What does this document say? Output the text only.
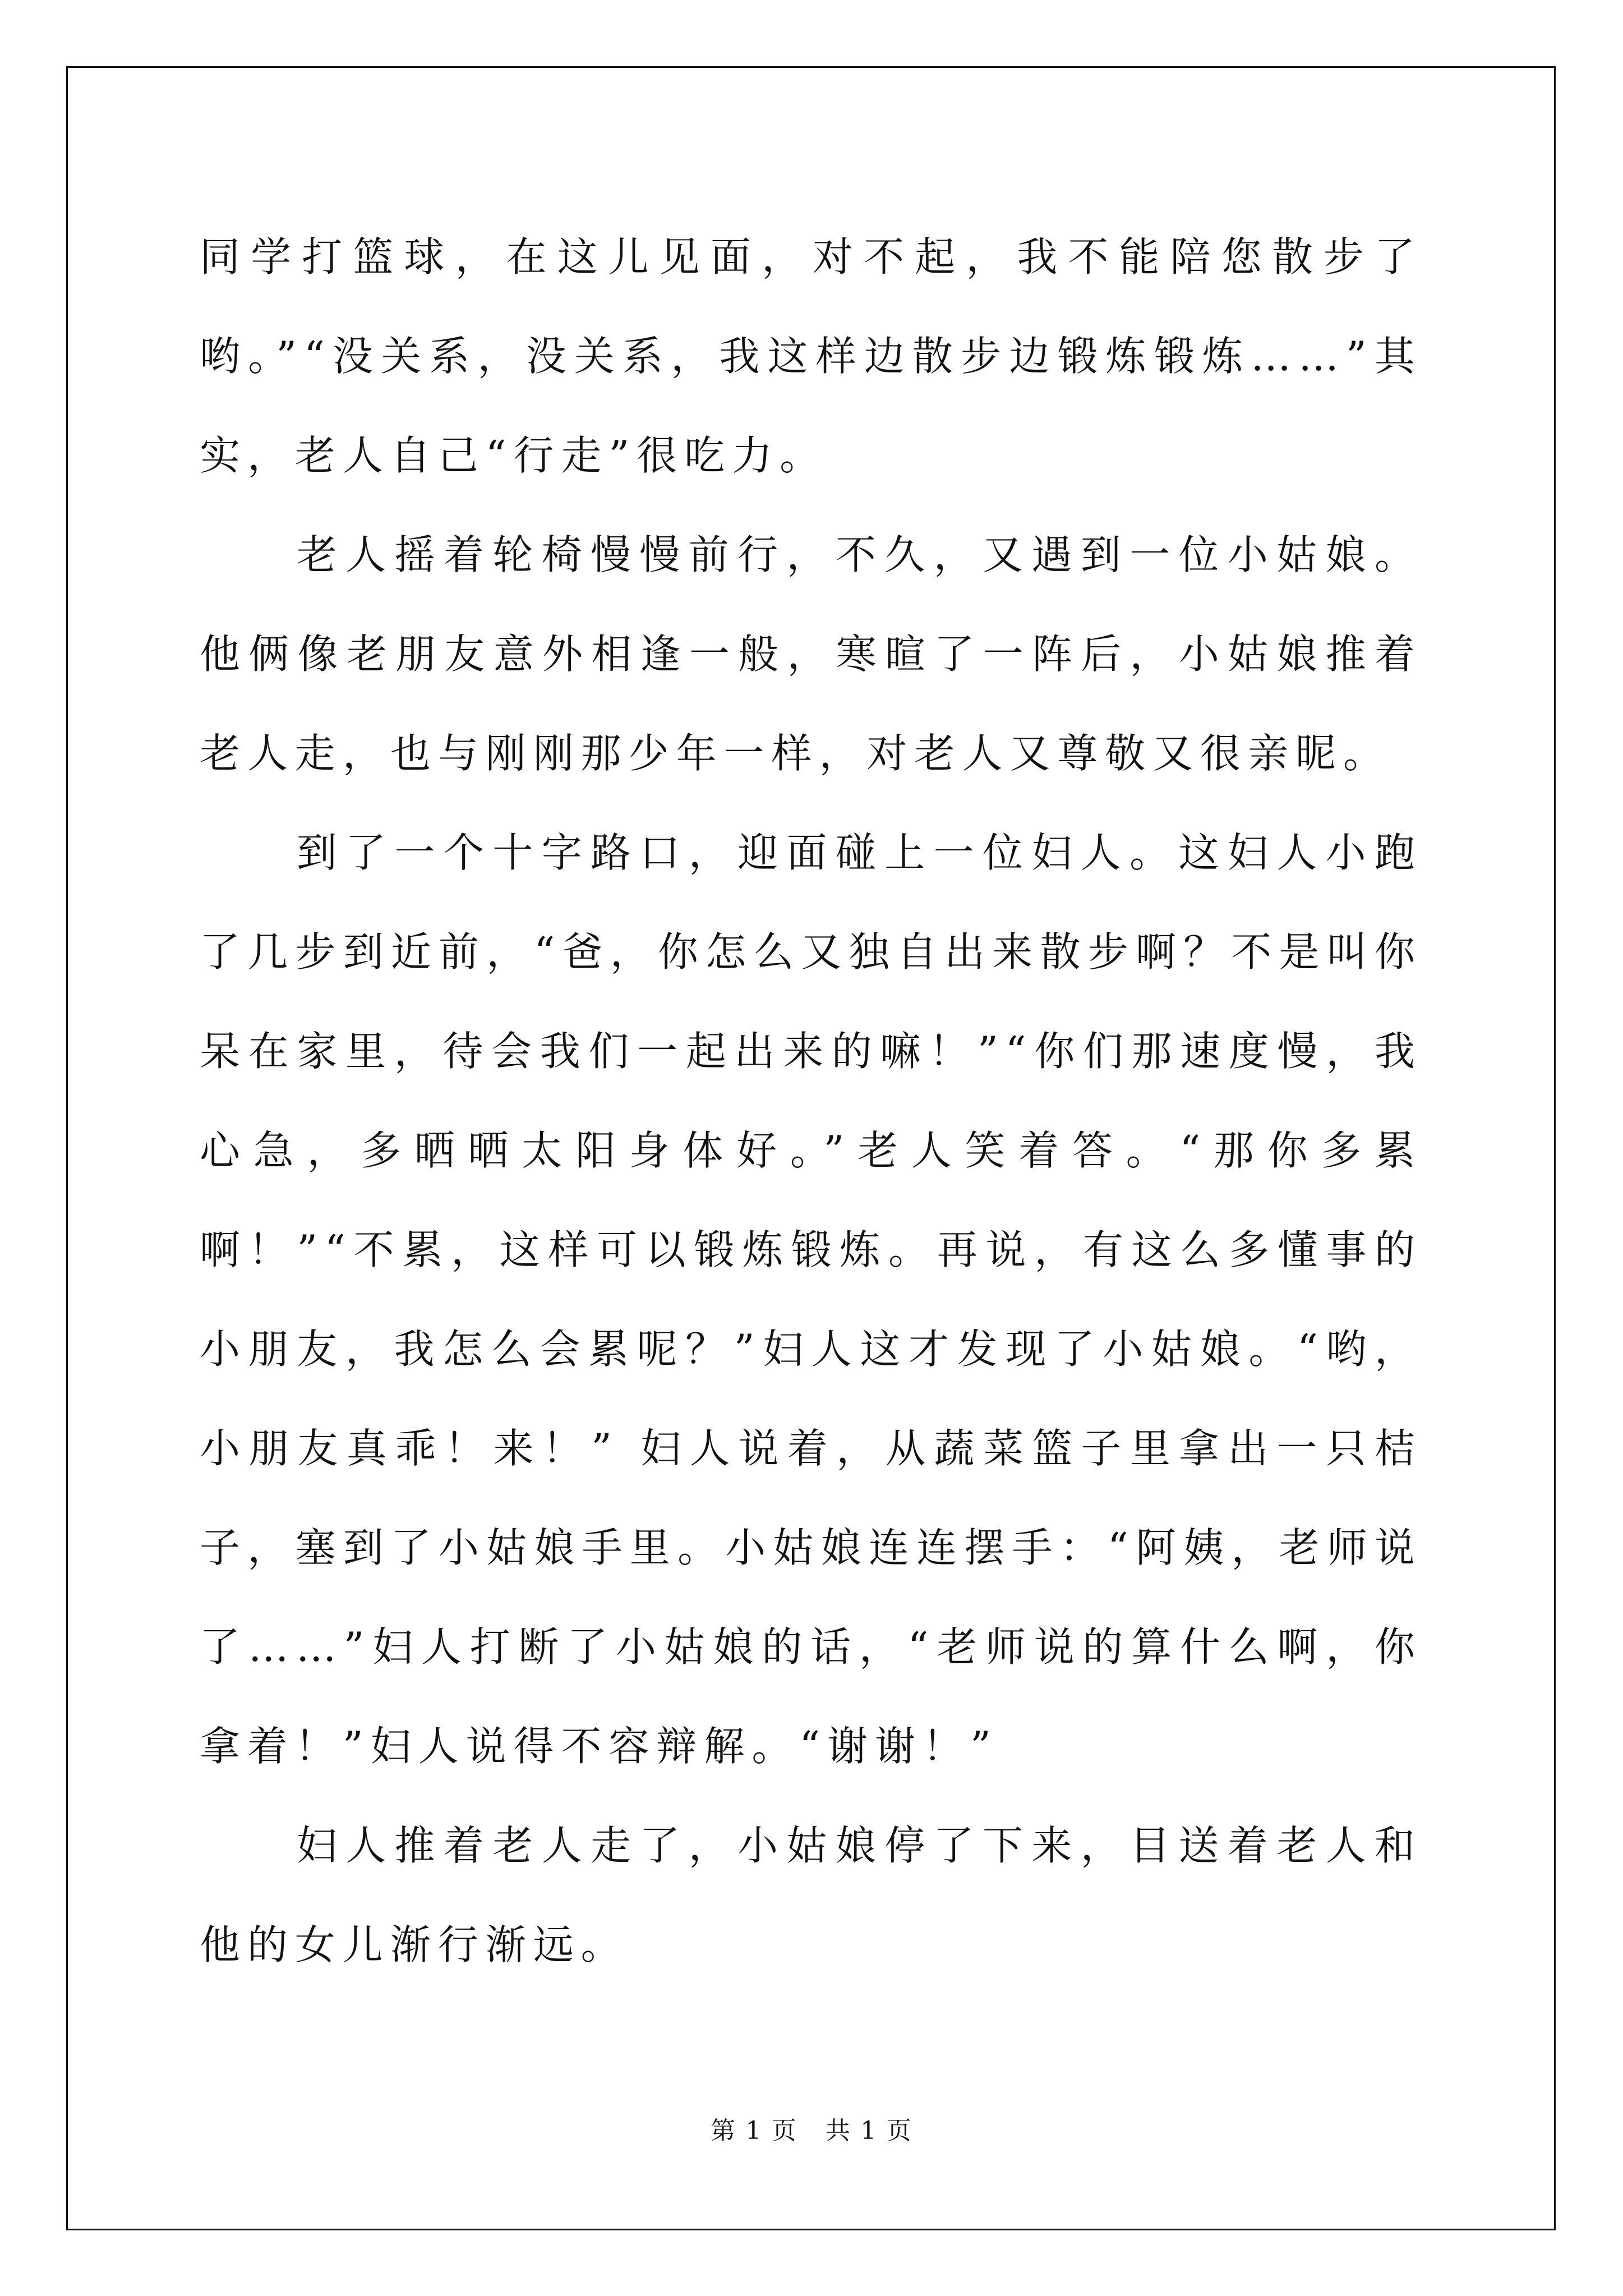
同学打篮球，在这儿见面，对不起，我不能陪您散步了哟。”“没关系，没关系，我这样边散步边锻炼锻炼……”其实，老人自己“行走”很吃力。

老人摇着轮椅慢慢前行，不久，又遇到一位小姑娘。他俩像老朋友意外相逢一般，寒暄了一阵后，小姑娘推着老人走，也与刚刚那少年一样，对老人又尊敬又很亲昵。

到了一个十字路口，迎面碰上一位妇人。这妇人小跑了几步到近前，“爸，你怎么又独自出来散步啊？不是叫你呆在家里，待会我们一起出来的嘛！”“你们那速度慢，我心急，多晒晒太阳身体好。”老人笑着答。“那你多累啊！”“不累，这样可以锻炼锻炼。再说，有这么多懂事的小朋友，我怎么会累呢？”妇人这才发现了小姑娘。“哟，小朋友真乖！来！” 妇人说着，从蔬菜篮子里拿出一只桔子，塞到了小姑娘手里。小姑娘连连摆手：“阿姨，老师说了……”妇人打断了小姑娘的话，“老师说的算什么啊，你拿着！”妇人说得不容辩解。“谢谢！”

妇人推着老人走了，小姑娘停了下来，目送着老人和他的女儿渐行渐远。

第 1 页 共 1 页
